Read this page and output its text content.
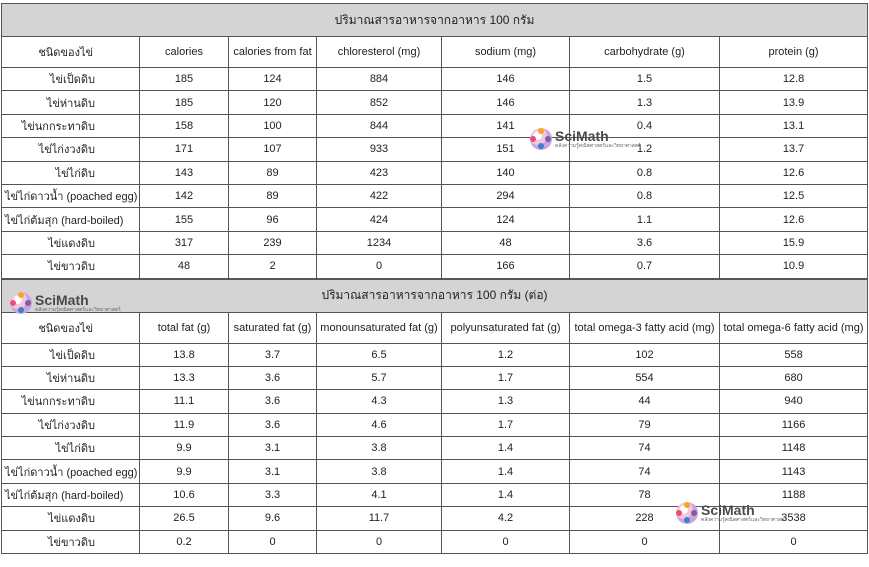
ปริมาณสารอาหารจากอาหาร 100 กรัม						
ชนิดของไข่	calories	calories from fat	chloresterol (mg)	sodium (mg)	carbohydrate (g)	protein (g)
ไข่เป็ดดิบ	185	124	884	146	1.5	12.8
ไข่ห่านดิบ	185	120	852	146	1.3	13.9
ไข่นกกระทาดิบ	158	100	844	141	0.4	13.1
ไข่ไก่งวงดิบ	171	107	933	151	1.2	13.7
ไข่ไก่ดิบ	143	89	423	140	0.8	12.6
ไข่ไก่ดาวน้ำ (poached egg)	142	89	422	294	0.8	12.5
ไข่ไก่ต้มสุก (hard-boiled)	155	96	424	124	1.1	12.6
ไข่แดงดิบ	317	239	1234	48	3.6	15.9
ไข่ขาวดิบ	48	2	0	166	0.7	10.9
ปริมาณสารอาหารจากอาหาร 100 กรัม (ต่อ)						
ชนิดของไข่	total fat (g)	saturated fat (g)	monounsaturated fat (g)	polyunsaturated fat (g)	total omega-3 fatty acid (mg)	total omega-6 fatty acid (mg)
ไข่เป็ดดิบ	13.8	3.7	6.5	1.2	102	558
ไข่ห่านดิบ	13.3	3.6	5.7	1.7	554	680
ไข่นกกระทาดิบ	11.1	3.6	4.3	1.3	44	940
ไข่ไก่งวงดิบ	11.9	3.6	4.6	1.7	79	1166
ไข่ไก่ดิบ	9.9	3.1	3.8	1.4	74	1148
ไข่ไก่ดาวน้ำ (poached egg)	9.9	3.1	3.8	1.4	74	1143
ไข่ไก่ต้มสุก (hard-boiled)	10.6	3.3	4.1	1.4	78	1188
ไข่แดงดิบ	26.5	9.6	11.7	4.2	228	3538
ไข่ขาวดิบ	0.2	0	0	0	0	0
SciMath
คลังความรู้คณิตศาสตร์และวิทยาศาสตร์
SciMath
คลังความรู้คณิตศาสตร์และวิทยาศาสตร์
SciMath
คลังความรู้คณิตศาสตร์และวิทยาศาสตร์
